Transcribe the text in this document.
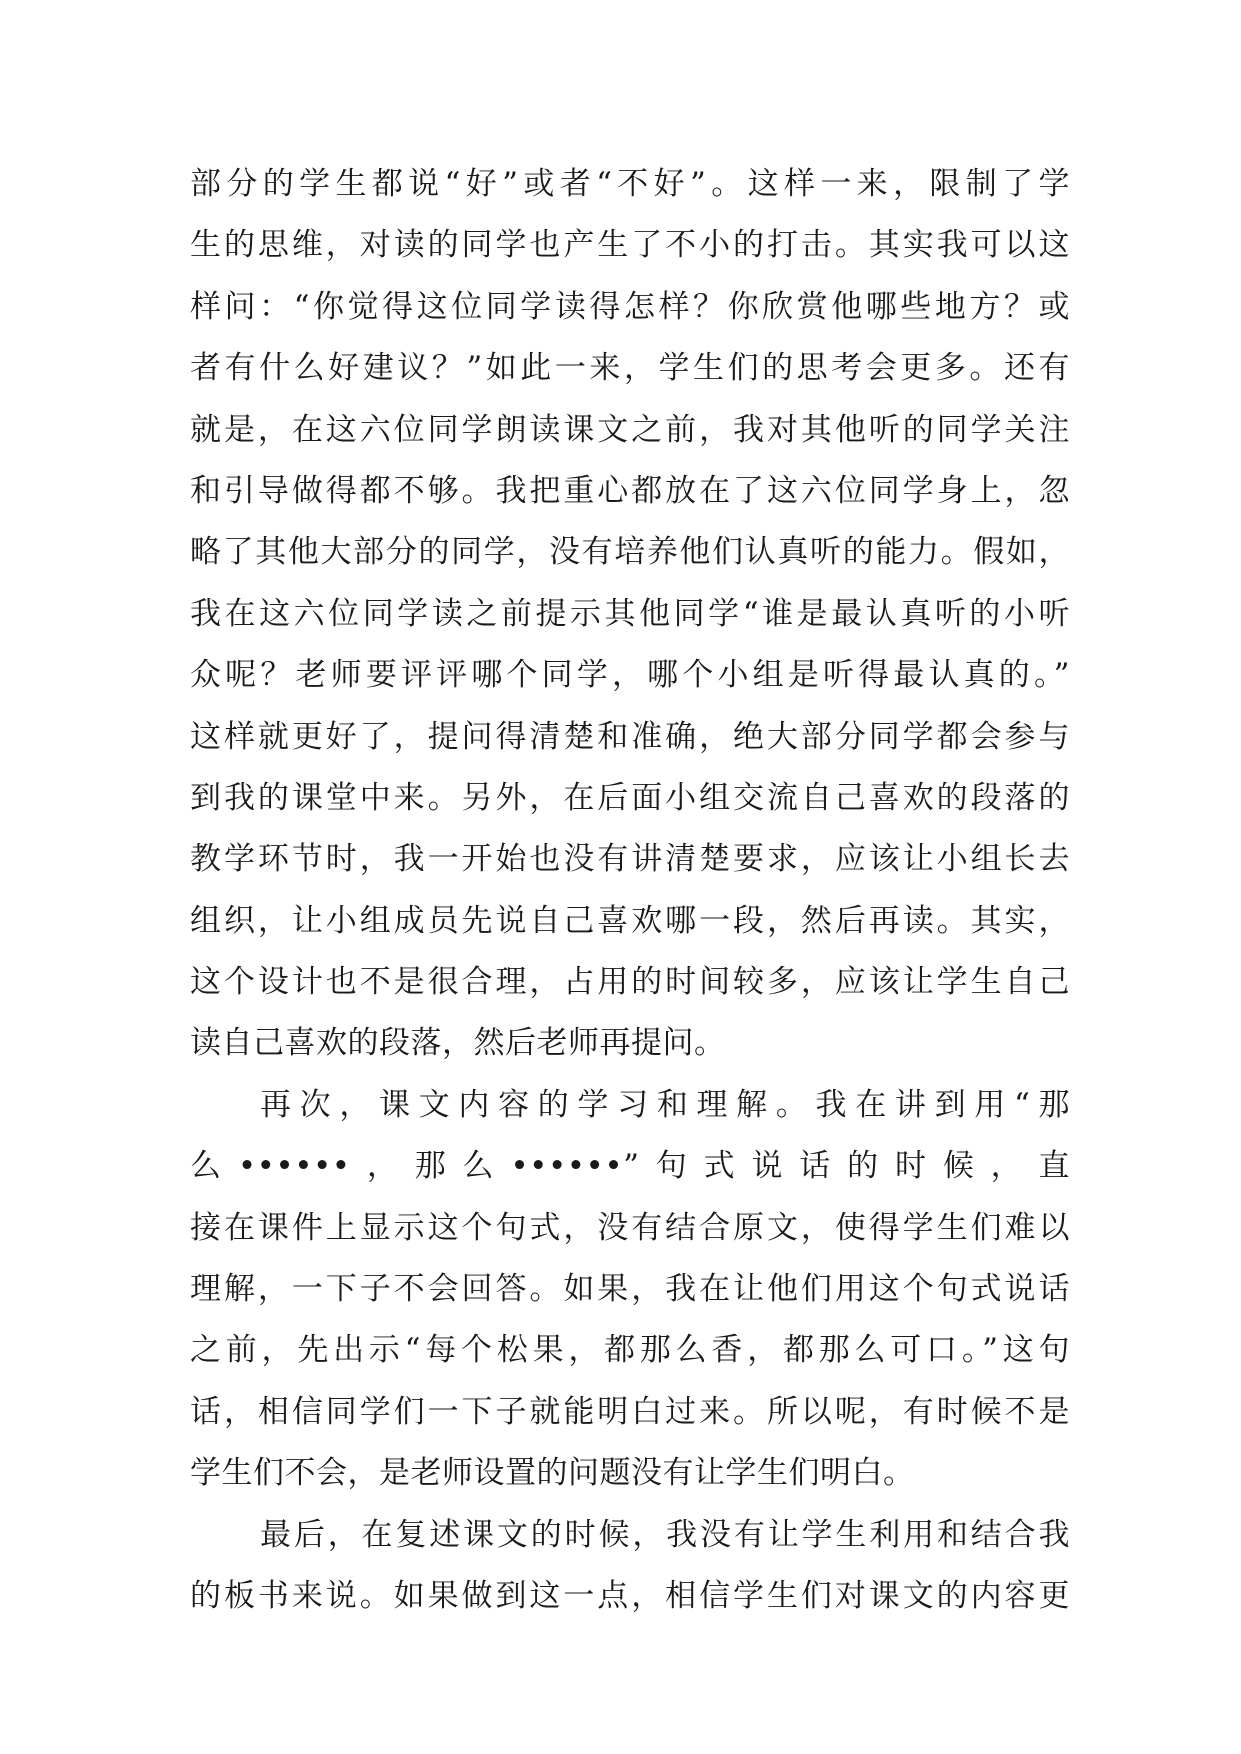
部分的学生都说“好”或者“不好”。这样一来，限制了学
生的思维，对读的同学也产生了不小的打击。其实我可以这
样问：“你觉得这位同学读得怎样？你欣赏他哪些地方？或
者有什么好建议？”如此一来，学生们的思考会更多。还有
就是，在这六位同学朗读课文之前，我对其他听的同学关注
和引导做得都不够。我把重心都放在了这六位同学身上，忽
略了其他大部分的同学，没有培养他们认真听的能力。假如，
我在这六位同学读之前提示其他同学“谁是最认真听的小听
众呢？老师要评评哪个同学，哪个小组是听得最认真的。”
这样就更好了，提问得清楚和准确，绝大部分同学都会参与
到我的课堂中来。另外，在后面小组交流自己喜欢的段落的
教学环节时，我一开始也没有讲清楚要求，应该让小组长去
组织，让小组成员先说自己喜欢哪一段，然后再读。其实，
这个设计也不是很合理，占用的时间较多，应该让学生自己
读自己喜欢的段落，然后老师再提问。
再次，课文内容的学习和理解。我在讲到用“那
么••••••，那么••••••”句式说话的时候，直
接在课件上显示这个句式，没有结合原文，使得学生们难以
理解，一下子不会回答。如果，我在让他们用这个句式说话
之前，先出示“每个松果，都那么香，都那么可口。”这句
话，相信同学们一下子就能明白过来。所以呢，有时候不是
学生们不会，是老师设置的问题没有让学生们明白。
最后，在复述课文的时候，我没有让学生利用和结合我
的板书来说。如果做到这一点，相信学生们对课文的内容更
